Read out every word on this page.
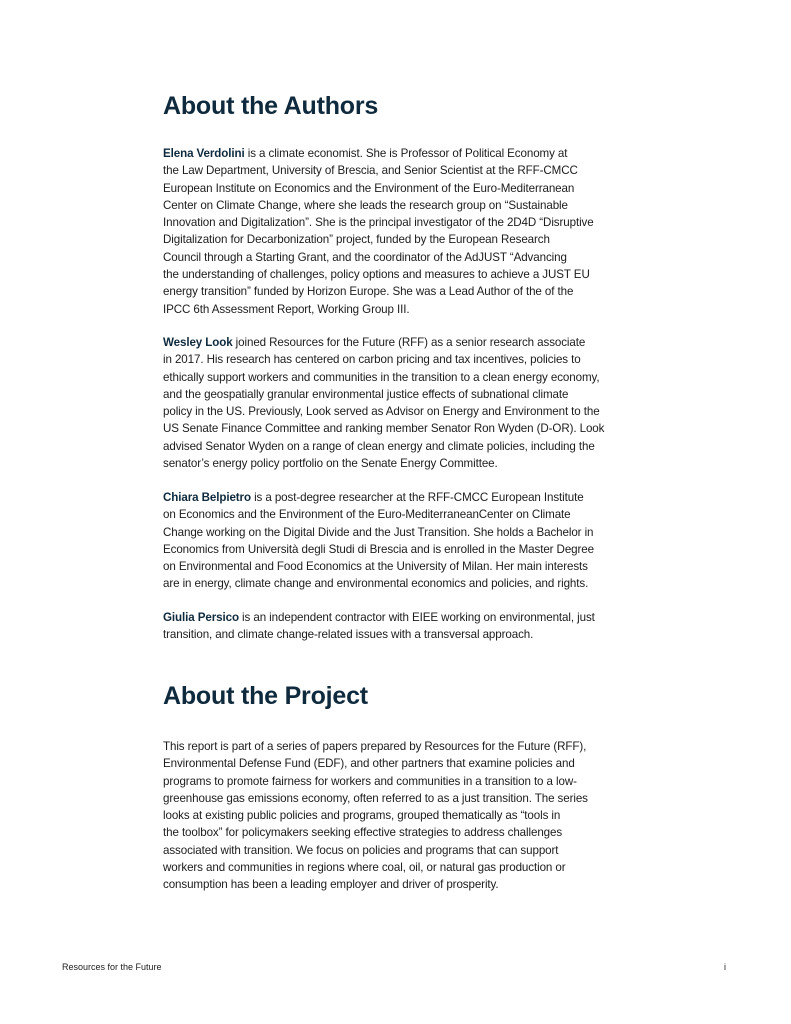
About the Authors

Elena Verdolini is a climate economist. She is Professor of Political Economy at
the Law Department, University of Brescia, and Senior Scientist at the RFF-CMCC
European Institute on Economics and the Environment of the Euro-Mediterranean
Center on Climate Change, where she leads the research group on “Sustainable
Innovation and Digitalization”. She is the principal investigator of the 2D4D “Disruptive
Digitalization for Decarbonization” project, funded by the European Research
Council through a Starting Grant, and the coordinator of the AdJUST “Advancing
the understanding of challenges, policy options and measures to achieve a JUST EU
energy transition” funded by Horizon Europe. She was a Lead Author of the of the
IPCC 6th Assessment Report, Working Group III.

Wesley Look joined Resources for the Future (RFF) as a senior research associate
in 2017. His research has centered on carbon pricing and tax incentives, policies to
ethically support workers and communities in the transition to a clean energy economy,
and the geospatially granular environmental justice effects of subnational climate
policy in the US. Previously, Look served as Advisor on Energy and Environment to the
US Senate Finance Committee and ranking member Senator Ron Wyden (D-OR). Look
advised Senator Wyden on a range of clean energy and climate policies, including the
senator’s energy policy portfolio on the Senate Energy Committee.

Chiara Belpietro is a post-degree researcher at the RFF-CMCC European Institute
on Economics and the Environment of the Euro-MediterraneanCenter on Climate
Change working on the Digital Divide and the Just Transition. She holds a Bachelor in
Economics from Università degli Studi di Brescia and is enrolled in the Master Degree
on Environmental and Food Economics at the University of Milan. Her main interests
are in energy, climate change and environmental economics and policies, and rights.

Giulia Persico is an independent contractor with EIEE working on environmental, just
transition, and climate change-related issues with a transversal approach.

About the Project

This report is part of a series of papers prepared by Resources for the Future (RFF),
Environmental Defense Fund (EDF), and other partners that examine policies and
programs to promote fairness for workers and communities in a transition to a low-
greenhouse gas emissions economy, often referred to as a just transition. The series
looks at existing public policies and programs, grouped thematically as “tools in
the toolbox” for policymakers seeking effective strategies to address challenges
associated with transition. We focus on policies and programs that can support
workers and communities in regions where coal, oil, or natural gas production or
consumption has been a leading employer and driver of prosperity.

Resources for the Future	i
